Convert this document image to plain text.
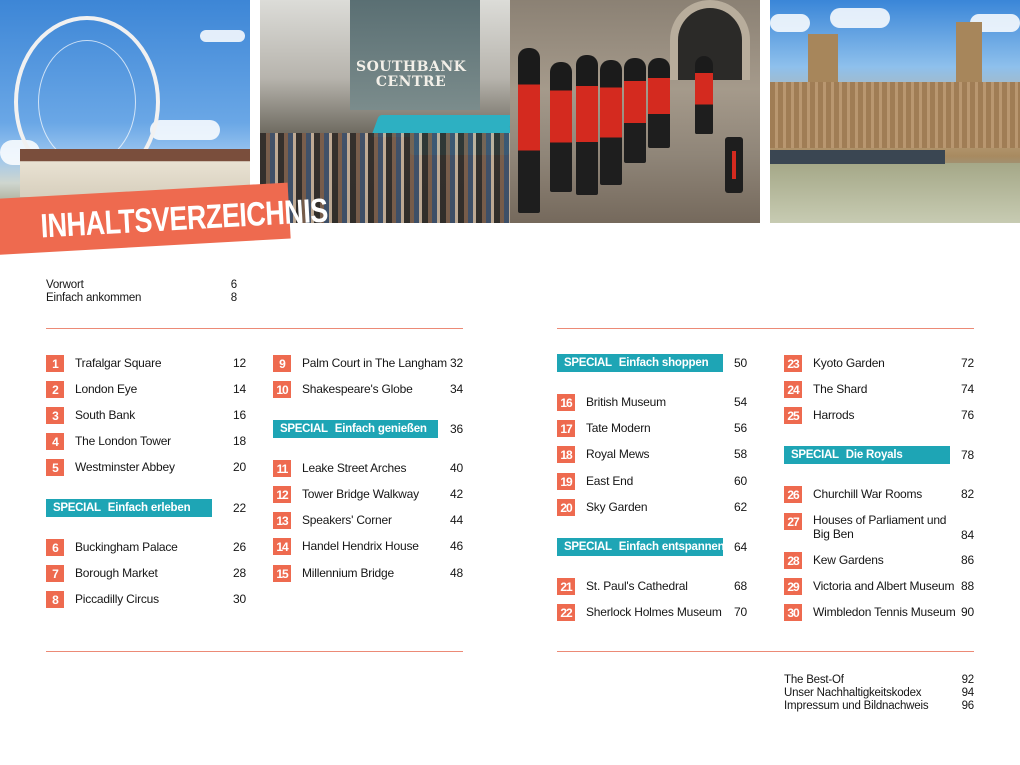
SOUTHBANK
CENTRE
INHALTSVERZEICHNIS
Vorwort	6
Einfach ankommen	8
1	Trafalgar Square	12
2	London Eye	14
3	South Bank	16
4	The London Tower	18
5	Westminster Abbey	20
SPECIAL Einfach erleben	22
6	Buckingham Palace	26
7	Borough Market	28
8	Piccadilly Circus	30
9	Palm Court in The Langham 32
10 Shakespeare's Globe	34
SPECIAL Einfach genießen 36
11	Leake Street Arches	40
12 Tower Bridge Walkway	42
13 Speakers' Corner	44
14 Handel Hendrix House	46
15 Millennium Bridge	48
SPECIAL Einfach shoppen 50
16 British Museum	54
17 Tate Modern	56
18 Royal Mews	58
19 East End	60
20 Sky Garden	62
SPECIAL Einfach entspannen 64
21 St. Paul's Cathedral	68
22 Sherlock Holmes Museum 70
23 Kyoto Garden	72
24 The Shard	74
25 Harrods	76
SPECIAL Die Royals	78
26 Churchill War Rooms	82
27 Houses of Parliament und Big Ben	84
28 Kew Gardens	86
29 Victoria and Albert Museum 88
30 Wimbledon Tennis Museum 90
The Best-Of	92
Unser Nachhaltigkeitskodex	94
Impressum und Bildnachweis	96
